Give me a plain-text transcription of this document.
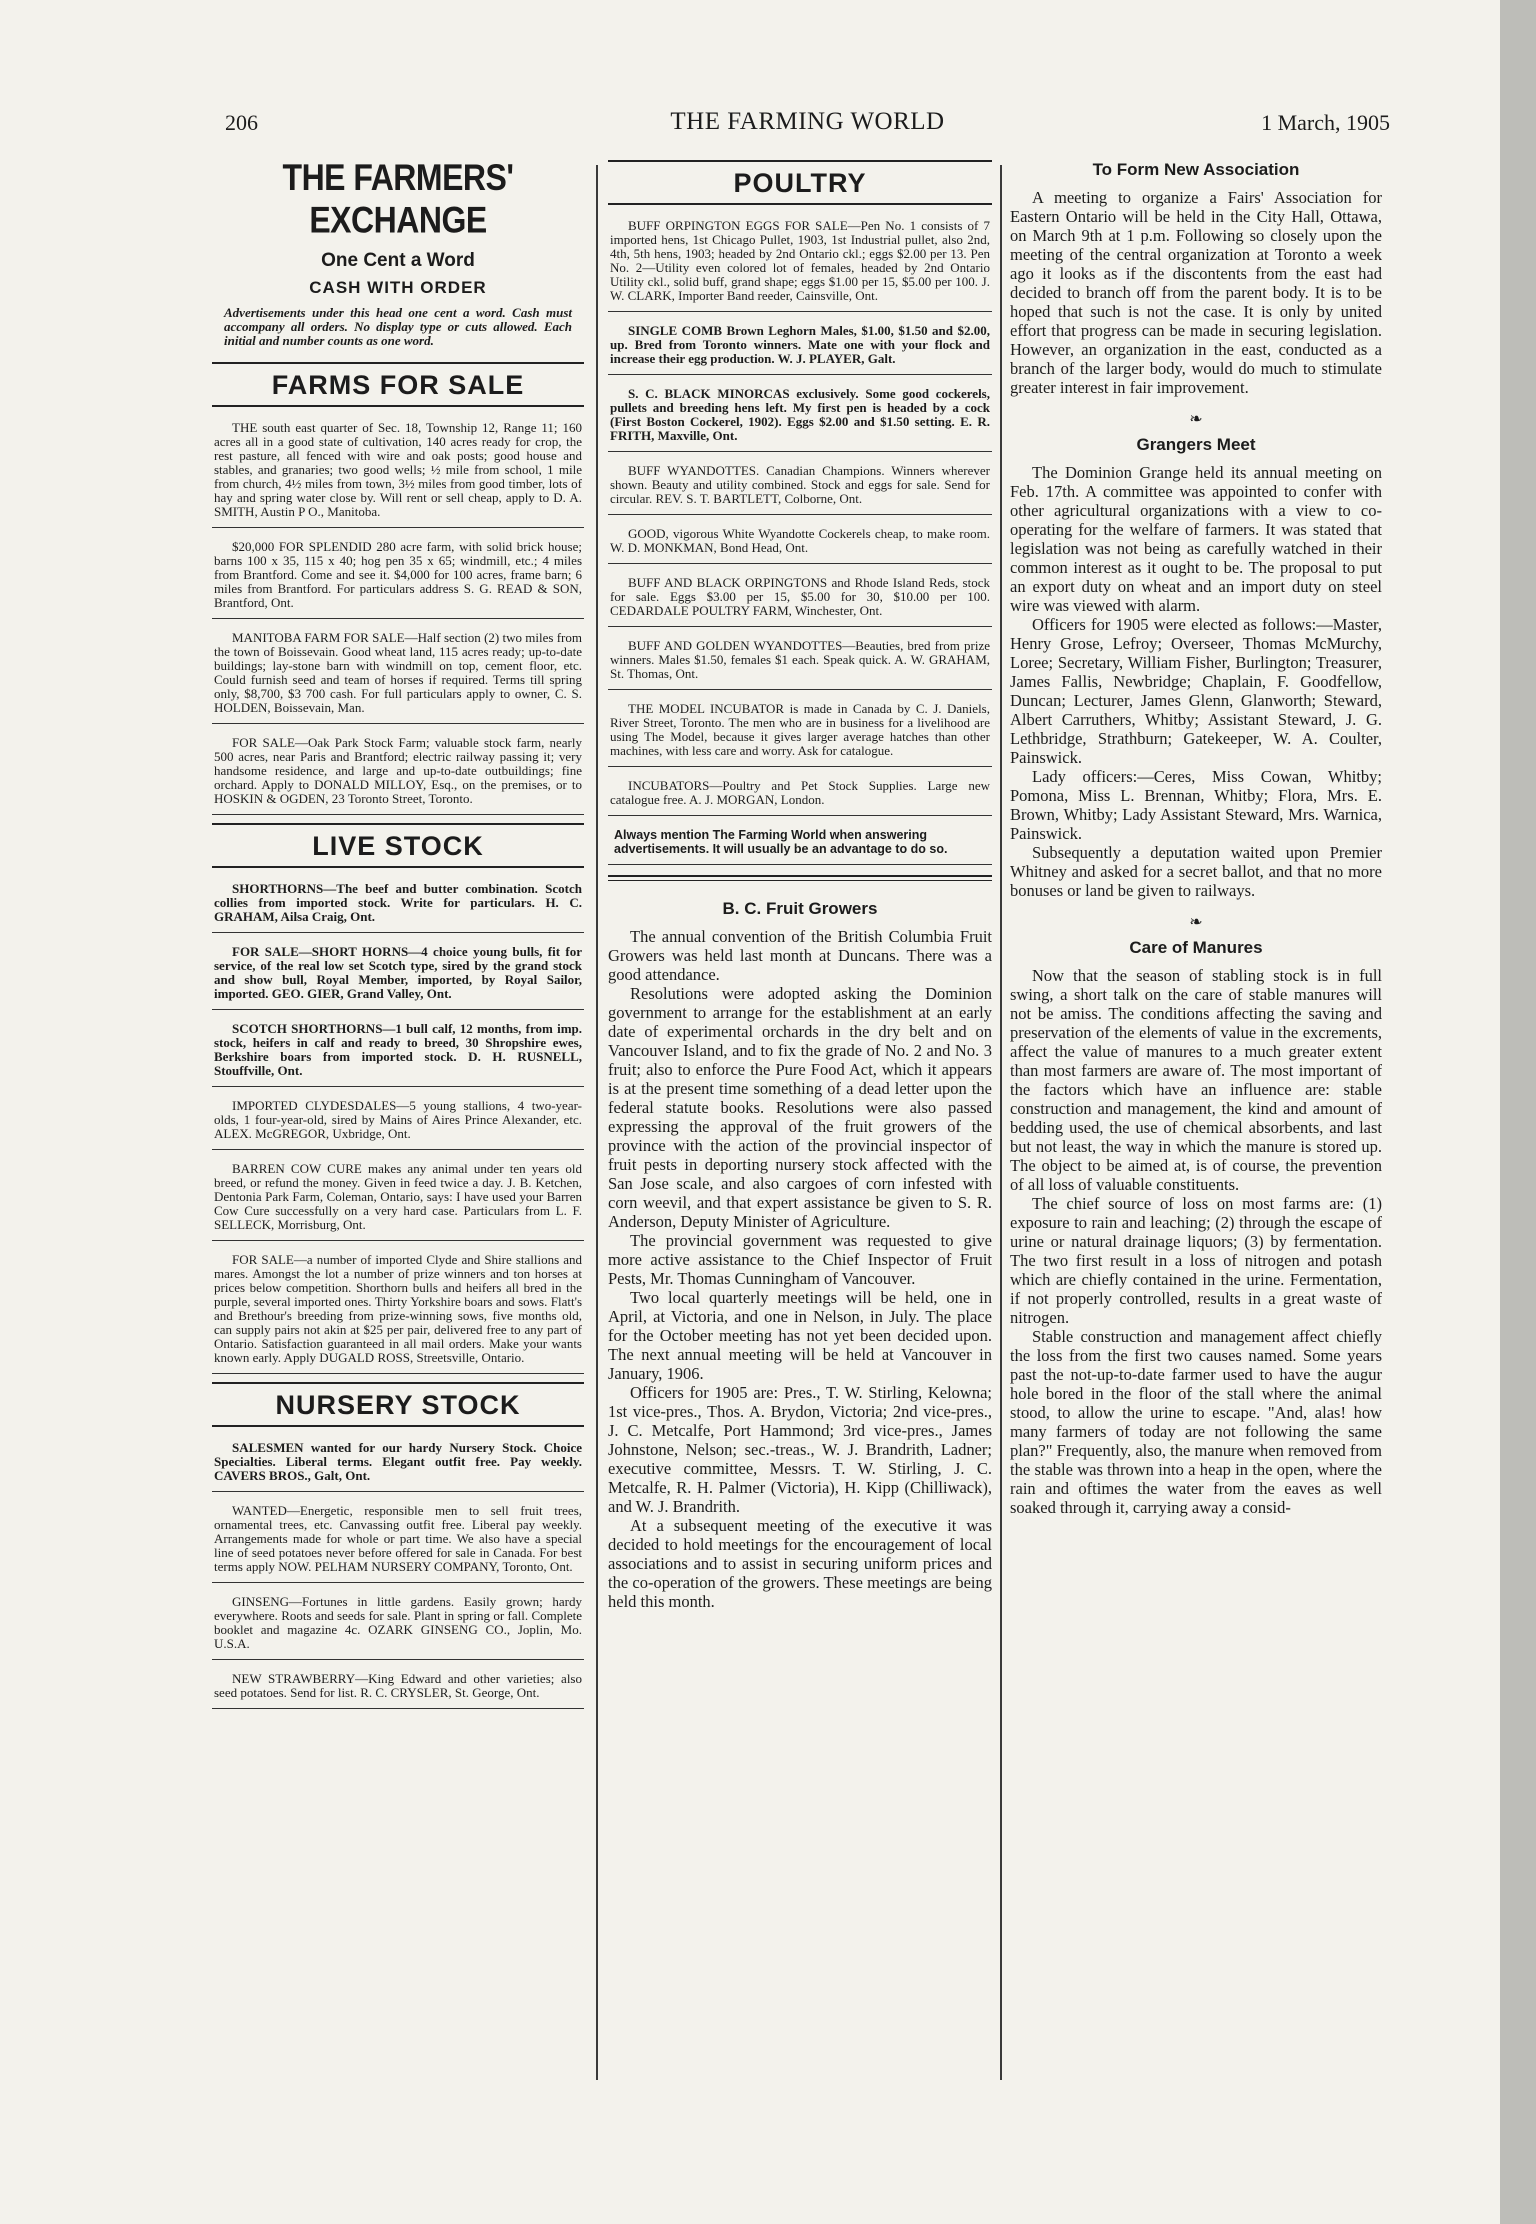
206	THE FARMING WORLD	1 March, 1905
THE FARMERS' EXCHANGE
One Cent a Word
CASH WITH ORDER
Advertisements under this head one cent a word. Cash must accompany all orders. No display type or cuts allowed. Each initial and number counts as one word.
FARMS FOR SALE
THE south east quarter of Sec. 18, Township 12, Range 11; 160 acres all in a good state of cultivation, 140 acres ready for crop, the rest pasture, all fenced with wire and oak posts; good house and stables, and granaries; two good wells; ½ mile from school, 1 mile from church, 4½ miles from town, 3½ miles from good timber, lots of hay and spring water close by. Will rent or sell cheap, apply to D. A. SMITH, Austin P O., Manitoba.
$20,000 FOR SPLENDID 280 acre farm, with solid brick house; barns 100 x 35, 115 x 40; hog pen 35 x 65; windmill, etc.; 4 miles from Brantford. Come and see it. $4,000 for 100 acres, frame barn; 6 miles from Brantford. For particulars address S. G. READ & SON, Brantford, Ont.
MANITOBA FARM FOR SALE—Half section (2) two miles from the town of Boissevain. Good wheat land, 115 acres ready; up-to-date buildings; lay-stone barn with windmill on top, cement floor, etc. Could furnish seed and team of horses if required. Terms till spring only, $8,700, $3 700 cash. For full particulars apply to owner, C. S. HOLDEN, Boissevain, Man.
FOR SALE—Oak Park Stock Farm; valuable stock farm, nearly 500 acres, near Paris and Brantford; electric railway passing it; very handsome residence, and large and up-to-date outbuildings; fine orchard. Apply to DONALD MILLOY, Esq., on the premises, or to HOSKIN & OGDEN, 23 Toronto Street, Toronto.
LIVE STOCK
SHORTHORNS—The beef and butter combination. Scotch collies from imported stock. Write for particulars. H. C. GRAHAM, Ailsa Craig, Ont.
FOR SALE—SHORT HORNS—4 choice young bulls, fit for service, of the real low set Scotch type, sired by the grand stock and show bull, Royal Member, imported, by Royal Sailor, imported. GEO. GIER, Grand Valley, Ont.
SCOTCH SHORTHORNS—1 bull calf, 12 months, from imp. stock, heifers in calf and ready to breed, 30 Shropshire ewes, Berkshire boars from imported stock. D. H. RUSNELL, Stouffville, Ont.
IMPORTED CLYDESDALES—5 young stallions, 4 two-year-olds, 1 four-year-old, sired by Mains of Aires Prince Alexander, etc. ALEX. McGREGOR, Uxbridge, Ont.
BARREN COW CURE makes any animal under ten years old breed, or refund the money. Given in feed twice a day. J. B. Ketchen, Dentonia Park Farm, Coleman, Ontario, says: I have used your Barren Cow Cure successfully on a very hard case. Particulars from L. F. SELLECK, Morrisburg, Ont.
FOR SALE—a number of imported Clyde and Shire stallions and mares. Amongst the lot a number of prize winners and ton horses at prices below competition. Shorthorn bulls and heifers all bred in the purple, several imported ones. Thirty Yorkshire boars and sows. Flatt's and Brethour's breeding from prize-winning sows, five months old, can supply pairs not akin at $25 per pair, delivered free to any part of Ontario. Satisfaction guaranteed in all mail orders. Make your wants known early. Apply DUGALD ROSS, Streetsville, Ontario.
NURSERY STOCK
SALESMEN wanted for our hardy Nursery Stock. Choice Specialties. Liberal terms. Elegant outfit free. Pay weekly. CAVERS BROS., Galt, Ont.
WANTED—Energetic, responsible men to sell fruit trees, ornamental trees, etc. Canvassing outfit free. Liberal pay weekly. Arrangements made for whole or part time. We also have a special line of seed potatoes never before offered for sale in Canada. For best terms apply NOW. PELHAM NURSERY COMPANY, Toronto, Ont.
GINSENG—Fortunes in little gardens. Easily grown; hardy everywhere. Roots and seeds for sale. Plant in spring or fall. Complete booklet and magazine 4c. OZARK GINSENG CO., Joplin, Mo. U.S.A.
NEW STRAWBERRY—King Edward and other varieties; also seed potatoes. Send for list. R. C. CRYSLER, St. George, Ont.
POULTRY
BUFF ORPINGTON EGGS FOR SALE—Pen No. 1 consists of 7 imported hens, 1st Chicago Pullet, 1903, 1st Industrial pullet, also 2nd, 4th, 5th hens, 1903; headed by 2nd Ontario ckl.; eggs $2.00 per 13. Pen No. 2—Utility even colored lot of females, headed by 2nd Ontario Utility ckl., solid buff, grand shape; eggs $1.00 per 15, $5.00 per 100. J. W. CLARK, Importer Band reeder, Cainsville, Ont.
SINGLE COMB Brown Leghorn Males, $1.00, $1.50 and $2.00, up. Bred from Toronto winners. Mate one with your flock and increase their egg production. W. J. PLAYER, Galt.
S. C. BLACK MINORCAS exclusively. Some good cockerels, pullets and breeding hens left. My first pen is headed by a cock (First Boston Cockerel, 1902). Eggs $2.00 and $1.50 setting. E. R. FRITH, Maxville, Ont.
BUFF WYANDOTTES. Canadian Champions. Winners wherever shown. Beauty and utility combined. Stock and eggs for sale. Send for circular. REV. S. T. BARTLETT, Colborne, Ont.
GOOD, vigorous White Wyandotte Cockerels cheap, to make room. W. D. MONKMAN, Bond Head, Ont.
BUFF AND BLACK ORPINGTONS and Rhode Island Reds, stock for sale. Eggs $3.00 per 15, $5.00 for 30, $10.00 per 100. CEDARDALE POULTRY FARM, Winchester, Ont.
BUFF AND GOLDEN WYANDOTTES—Beauties, bred from prize winners. Males $1.50, females $1 each. Speak quick. A. W. GRAHAM, St. Thomas, Ont.
THE MODEL INCUBATOR is made in Canada by C. J. Daniels, River Street, Toronto. The men who are in business for a livelihood are using The Model, because it gives larger average hatches than other machines, with less care and worry. Ask for catalogue.
INCUBATORS—Poultry and Pet Stock Supplies. Large new catalogue free. A. J. MORGAN, London.
Always mention The Farming World when answering advertisements. It will usually be an advantage to do so.
B. C. Fruit Growers

The annual convention of the British Columbia Fruit Growers was held last month at Duncans. There was a good attendance.

Resolutions were adopted asking the Dominion government to arrange for the establishment at an early date of experimental orchards in the dry belt and on Vancouver Island, and to fix the grade of No. 2 and No. 3 fruit; also to enforce the Pure Food Act, which it appears is at the present time something of a dead letter upon the federal statute books. Resolutions were also passed expressing the approval of the fruit growers of the province with the action of the provincial inspector of fruit pests in deporting nursery stock affected with the San Jose scale, and also cargoes of corn infested with corn weevil, and that expert assistance be given to S. R. Anderson, Deputy Minister of Agriculture.

The provincial government was requested to give more active assistance to the Chief Inspector of Fruit Pests, Mr. Thomas Cunningham of Vancouver.

Two local quarterly meetings will be held, one in April, at Victoria, and one in Nelson, in July. The place for the October meeting has not yet been decided upon. The next annual meeting will be held at Vancouver in January, 1906.

Officers for 1905 are: Pres., T. W. Stirling, Kelowna; 1st vice-pres., Thos. A. Brydon, Victoria; 2nd vice-pres., J. C. Metcalfe, Port Hammond; 3rd vice-pres., James Johnstone, Nelson; sec.-treas., W. J. Brandrith, Ladner; executive committee, Messrs. T. W. Stirling, J. C. Metcalfe, R. H. Palmer (Victoria), H. Kipp (Chilliwack), and W. J. Brandrith.

At a subsequent meeting of the executive it was decided to hold meetings for the encouragement of local associations and to assist in securing uniform prices and the co-operation of the growers. These meetings are being held this month.

To Form New Association

A meeting to organize a Fairs' Association for Eastern Ontario will be held in the City Hall, Ottawa, on March 9th at 1 p.m. Following so closely upon the meeting of the central organization at Toronto a week ago it looks as if the discontents from the east had decided to branch off from the parent body. It is to be hoped that such is not the case. It is only by united effort that progress can be made in securing legislation. However, an organization in the east, conducted as a branch of the larger body, would do much to stimulate greater interest in fair improvement.

❧
Grangers Meet

The Dominion Grange held its annual meeting on Feb. 17th. A committee was appointed to confer with other agricultural organizations with a view to co-operating for the welfare of farmers. It was stated that legislation was not being as carefully watched in their common interest as it ought to be. The proposal to put an export duty on wheat and an import duty on steel wire was viewed with alarm.

Officers for 1905 were elected as follows:—Master, Henry Grose, Lefroy; Overseer, Thomas McMurchy, Loree; Secretary, William Fisher, Burlington; Treasurer, James Fallis, Newbridge; Chaplain, F. Goodfellow, Duncan; Lecturer, James Glenn, Glanworth; Steward, Albert Carruthers, Whitby; Assistant Steward, J. G. Lethbridge, Strathburn; Gatekeeper, W. A. Coulter, Painswick.

Lady officers:—Ceres, Miss Cowan, Whitby; Pomona, Miss L. Brennan, Whitby; Flora, Mrs. E. Brown, Whitby; Lady Assistant Steward, Mrs. Warnica, Painswick.

Subsequently a deputation waited upon Premier Whitney and asked for a secret ballot, and that no more bonuses or land be given to railways.

❧
Care of Manures

Now that the season of stabling stock is in full swing, a short talk on the care of stable manures will not be amiss. The conditions affecting the saving and preservation of the elements of value in the excrements, affect the value of manures to a much greater extent than most farmers are aware of. The most important of the factors which have an influence are: stable construction and management, the kind and amount of bedding used, the use of chemical absorbents, and last but not least, the way in which the manure is stored up. The object to be aimed at, is of course, the prevention of all loss of valuable constituents.

The chief source of loss on most farms are: (1) exposure to rain and leaching; (2) through the escape of urine or natural drainage liquors; (3) by fermentation. The two first result in a loss of nitrogen and potash which are chiefly contained in the urine. Fermentation, if not properly controlled, results in a great waste of nitrogen.

Stable construction and management affect chiefly the loss from the first two causes named. Some years past the not-up-to-date farmer used to have the augur hole bored in the floor of the stall where the animal stood, to allow the urine to escape. "And, alas! how many farmers of today are not following the same plan?" Frequently, also, the manure when removed from the stable was thrown into a heap in the open, where the rain and oftimes the water from the eaves as well soaked through it, carrying away a consid-
